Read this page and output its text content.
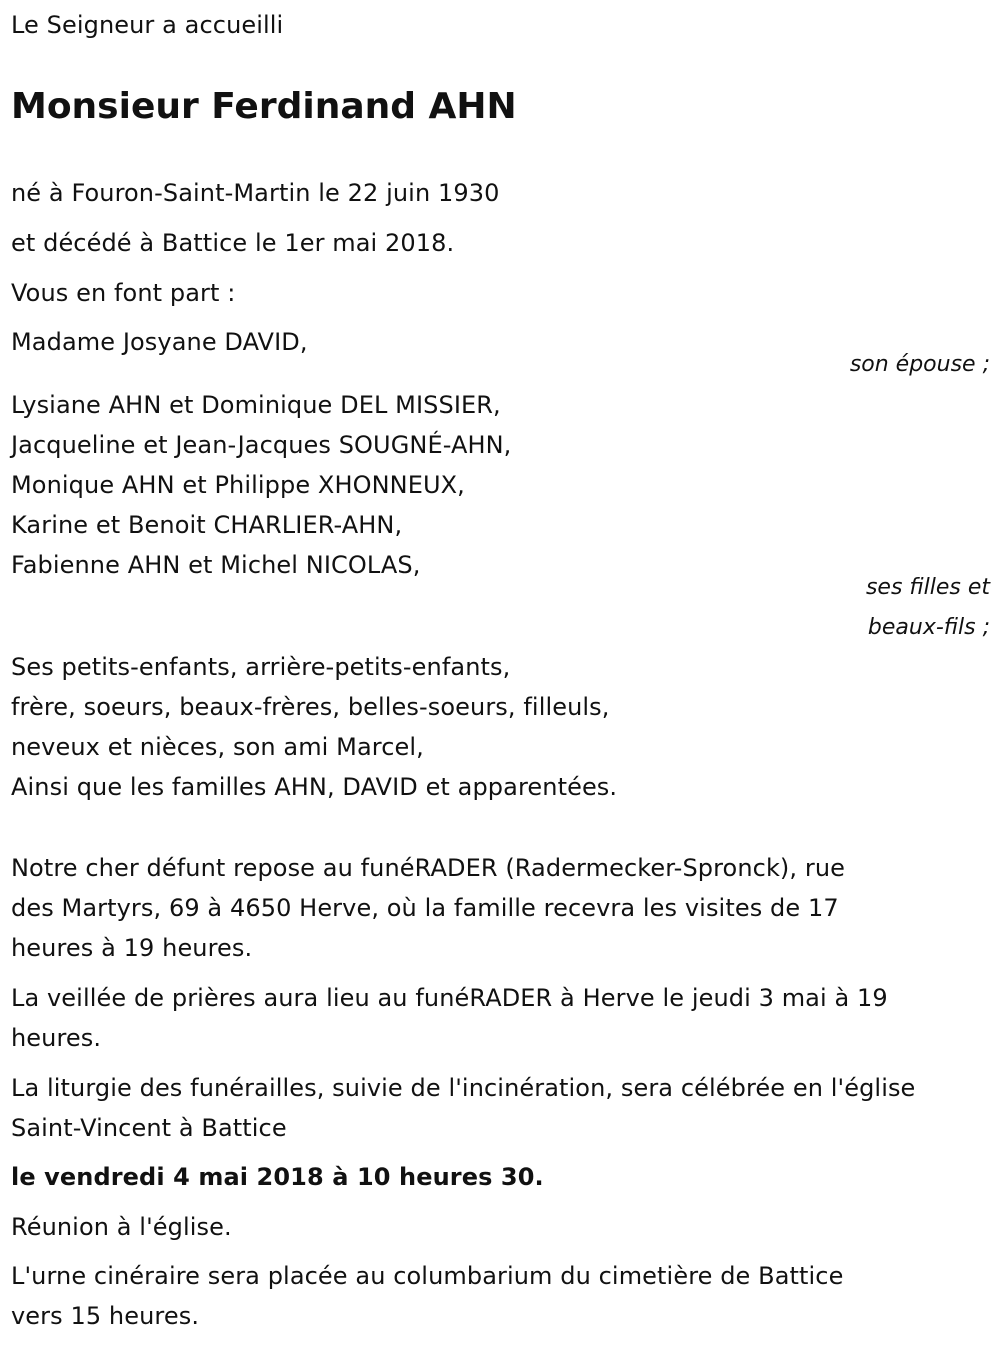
Le Seigneur a accueilli
Monsieur Ferdinand AHN
né à Fouron-Saint-Martin le 22 juin 1930
et décédé à Battice le 1er mai 2018.
Vous en font part :
Madame Josyane DAVID,
son épouse ;
Lysiane AHN et Dominique DEL MISSIER,
Jacqueline et Jean-Jacques SOUGNÉ-AHN,
Monique AHN et Philippe XHONNEUX,
Karine et Benoit CHARLIER-AHN,
Fabienne AHN et Michel NICOLAS,
ses filles et
beaux-fils ;
Ses petits-enfants, arrière-petits-enfants,
frère, soeurs, beaux-frères, belles-soeurs, filleuls,
neveux et nièces, son ami Marcel,
Ainsi que les familles AHN, DAVID et apparentées.
Notre cher défunt repose au funéRADER (Radermecker-Spronck), rue
des Martyrs, 69 à 4650 Herve, où la famille recevra les visites de 17
heures à 19 heures.
La veillée de prières aura lieu au funéRADER à Herve le jeudi 3 mai à 19
heures.
La liturgie des funérailles, suivie de l'incinération, sera célébrée en l'église
Saint-Vincent à Battice
le vendredi 4 mai 2018 à 10 heures 30.
Réunion à l'église.
L'urne cinéraire sera placée au columbarium du cimetière de Battice
vers 15 heures.
